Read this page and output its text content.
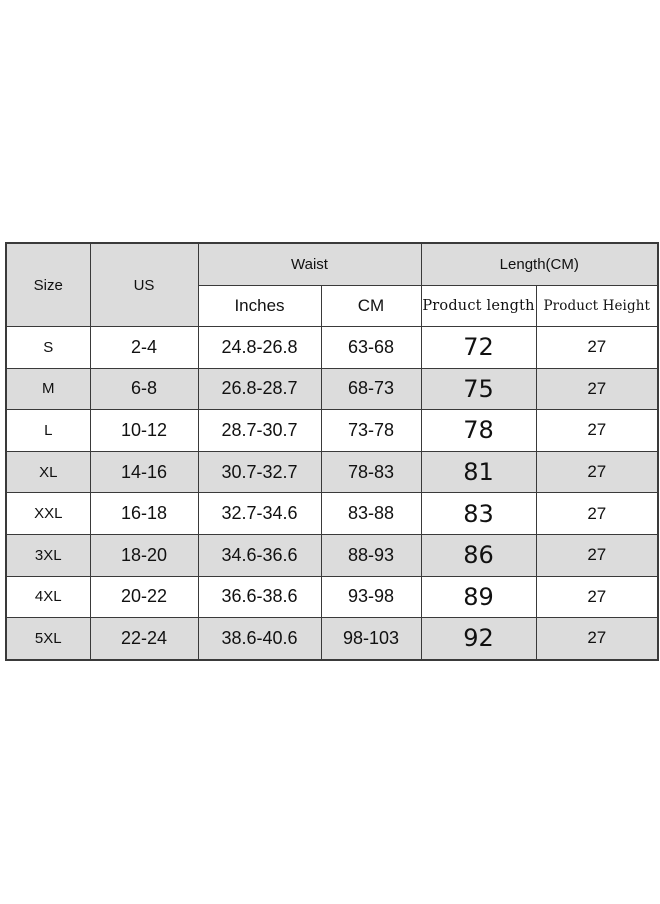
Size	US	Waist		Length(CM)	
		Inches	CM	Product length	Product Height
S	2-4	24.8-26.8	63-68	72	27
M	6-8	26.8-28.7	68-73	75	27
L	10-12	28.7-30.7	73-78	78	27
XL	14-16	30.7-32.7	78-83	81	27
XXL	16-18	32.7-34.6	83-88	83	27
3XL	18-20	34.6-36.6	88-93	86	27
4XL	20-22	36.6-38.6	93-98	89	27
5XL	22-24	38.6-40.6	98-103	92	27
